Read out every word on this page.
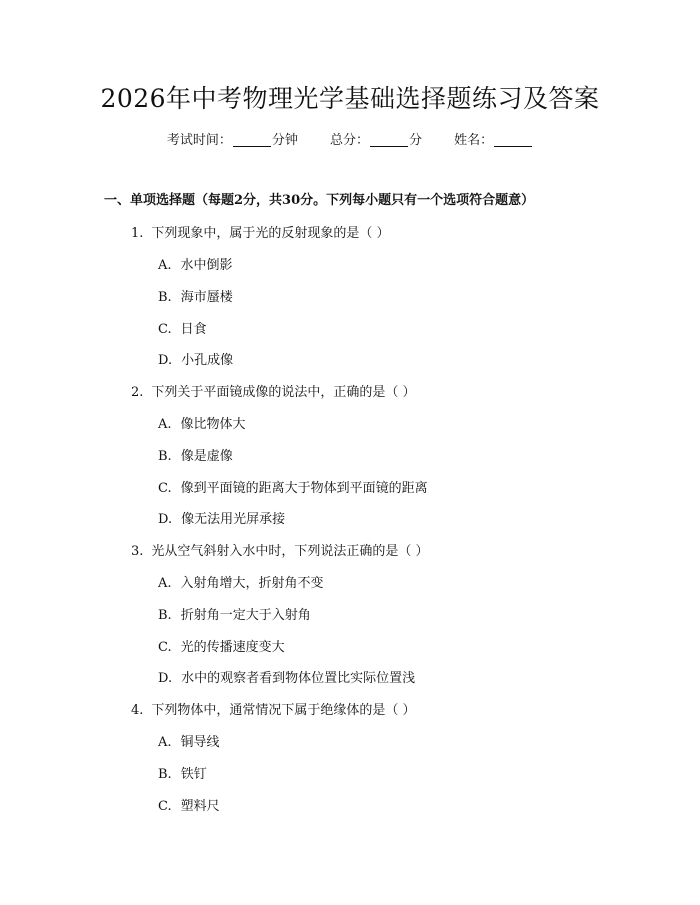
2026年中考物理光学基础选择题练习及答案
考试时间：	分钟 总分：	分 姓名：
一、单项选择题（每题2分，共30分。下列每小题只有一个选项符合题意）
1. 下列现象中，属于光的反射现象的是（ ）
A. 水中倒影
B. 海市蜃楼
C. 日食
D. 小孔成像
2. 下列关于平面镜成像的说法中，正确的是（ ）
A. 像比物体大
B. 像是虚像
C. 像到平面镜的距离大于物体到平面镜的距离
D. 像无法用光屏承接
3. 光从空气斜射入水中时，下列说法正确的是（ ）
A. 入射角增大，折射角不变
B. 折射角一定大于入射角
C. 光的传播速度变大
D. 水中的观察者看到物体位置比实际位置浅
4. 下列物体中，通常情况下属于绝缘体的是（ ）
A. 铜导线
B. 铁钉
C. 塑料尺
